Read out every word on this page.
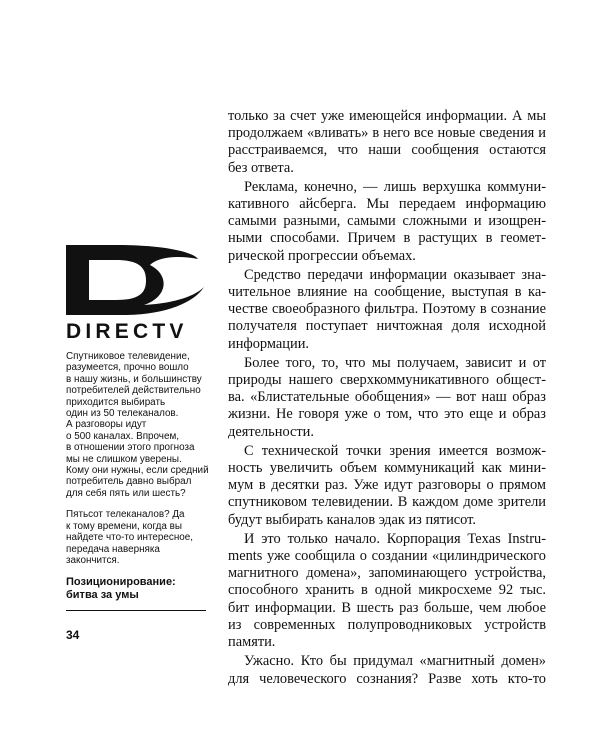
DIRECTV

Спутниковое телевидение,
разумеется, прочно вошло
в нашу жизнь, и большинству
потребителей действительно
приходится выбирать
один из 50 телеканалов.
А разговоры идут
о 500 каналах. Впрочем,
в отношении этого прогноза
мы не слишком уверены.
Кому они нужны, если средний
потребитель давно выбрал
для себя пять или шесть?

Пятьсот телеканалов? Да
к тому времени, когда вы
найдете что-то интересное,
передача наверняка
закончится.

Позиционирование:
битва за умы
34

только за счет уже имеющейся информации. А мы
продолжаем «вливать» в него все новые сведения и
расстраиваемся, что наши сообщения остаются
без ответа.

Реклама, конечно, — лишь верхушка коммуни-
кативного айсберга. Мы передаем информацию
самыми разными, самыми сложными и изощрен-
ными способами. Причем в растущих в геомет-
рической прогрессии объемах.

Средство передачи информации оказывает зна-
чительное влияние на сообщение, выступая в ка-
честве своеобразного фильтра. Поэтому в сознание
получателя поступает ничтожная доля исходной
информации.

Более того, то, что мы получаем, зависит и от
природы нашего сверхкоммуникативного общест-
ва. «Блистательные обобщения» — вот наш образ
жизни. Не говоря уже о том, что это еще и образ
деятельности.

С технической точки зрения имеется возмож-
ность увеличить объем коммуникаций как мини-
мум в десятки раз. Уже идут разговоры о прямом
спутниковом телевидении. В каждом доме зрители
будут выбирать каналов эдак из пятисот.

И это только начало. Корпорация Texas Instru-
ments уже сообщила о создании «цилиндрического
магнитного домена», запоминающего устройства,
способного хранить в одной микросхеме 92 тыс.
бит информации. В шесть раз больше, чем любое
из современных полупроводниковых устройств
памяти.

Ужасно. Кто бы придумал «магнитный домен»
для человеческого сознания? Разве хоть кто-то
